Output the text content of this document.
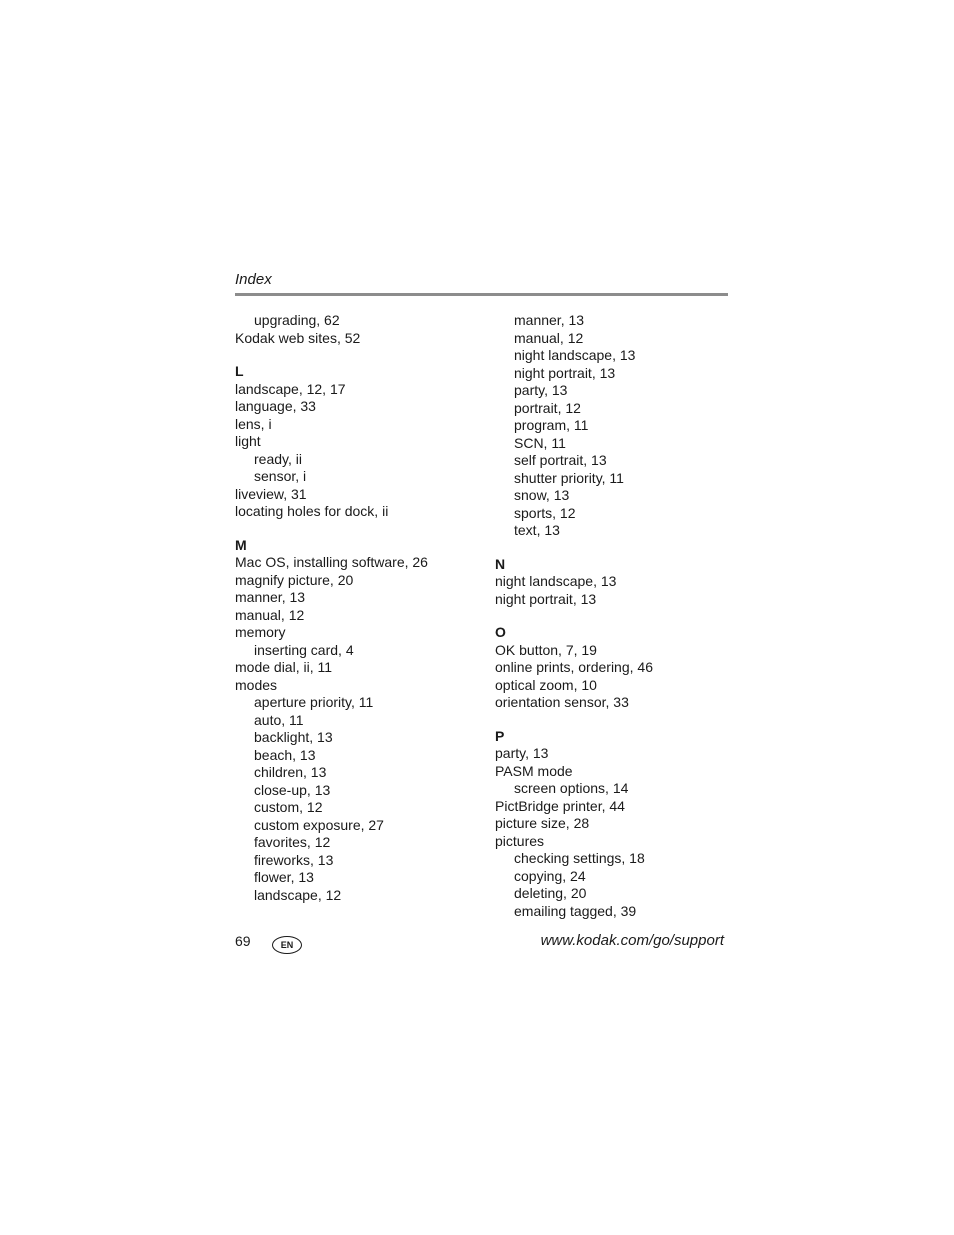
Index
upgrading, 62
Kodak web sites, 52
L
landscape, 12, 17
language, 33
lens, i
light
ready, ii
sensor, i
liveview, 31
locating holes for dock, ii
M
Mac OS, installing software, 26
magnify picture, 20
manner, 13
manual, 12
memory
inserting card, 4
mode dial, ii, 11
modes
aperture priority, 11
auto, 11
backlight, 13
beach, 13
children, 13
close-up, 13
custom, 12
custom exposure, 27
favorites, 12
fireworks, 13
flower, 13
landscape, 12
manner, 13
manual, 12
night landscape, 13
night portrait, 13
party, 13
portrait, 12
program, 11
SCN, 11
self portrait, 13
shutter priority, 11
snow, 13
sports, 12
text, 13
N
night landscape, 13
night portrait, 13
O
OK button, 7, 19
online prints, ordering, 46
optical zoom, 10
orientation sensor, 33
P
party, 13
PASM mode
screen options, 14
PictBridge printer, 44
picture size, 28
pictures
checking settings, 18
copying, 24
deleting, 20
emailing tagged, 39
69	EN	www.kodak.com/go/support
